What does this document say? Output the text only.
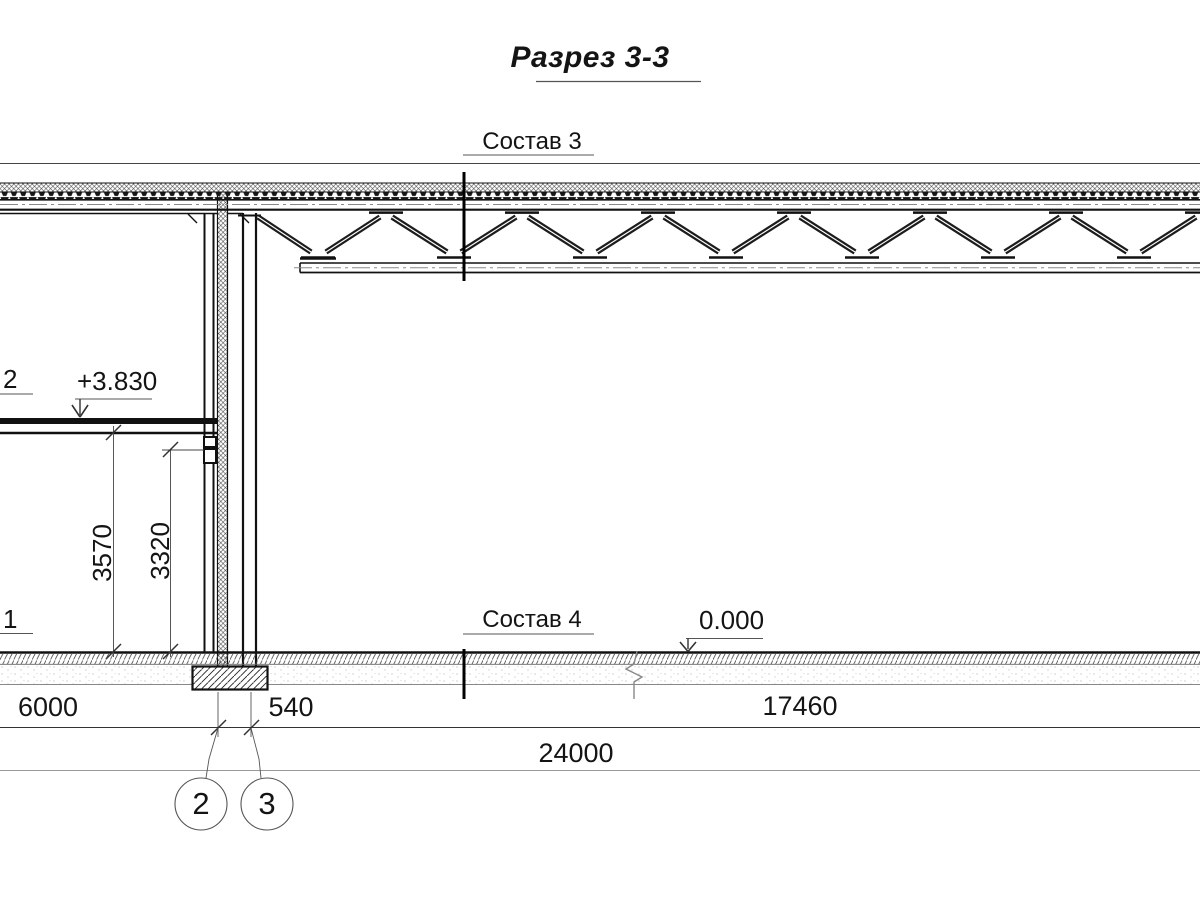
Разрез 3-3
Состав 3
Состав 4
+3.830
0.000
2
1
3570 3320
6000	540	17460
24000
2	3
